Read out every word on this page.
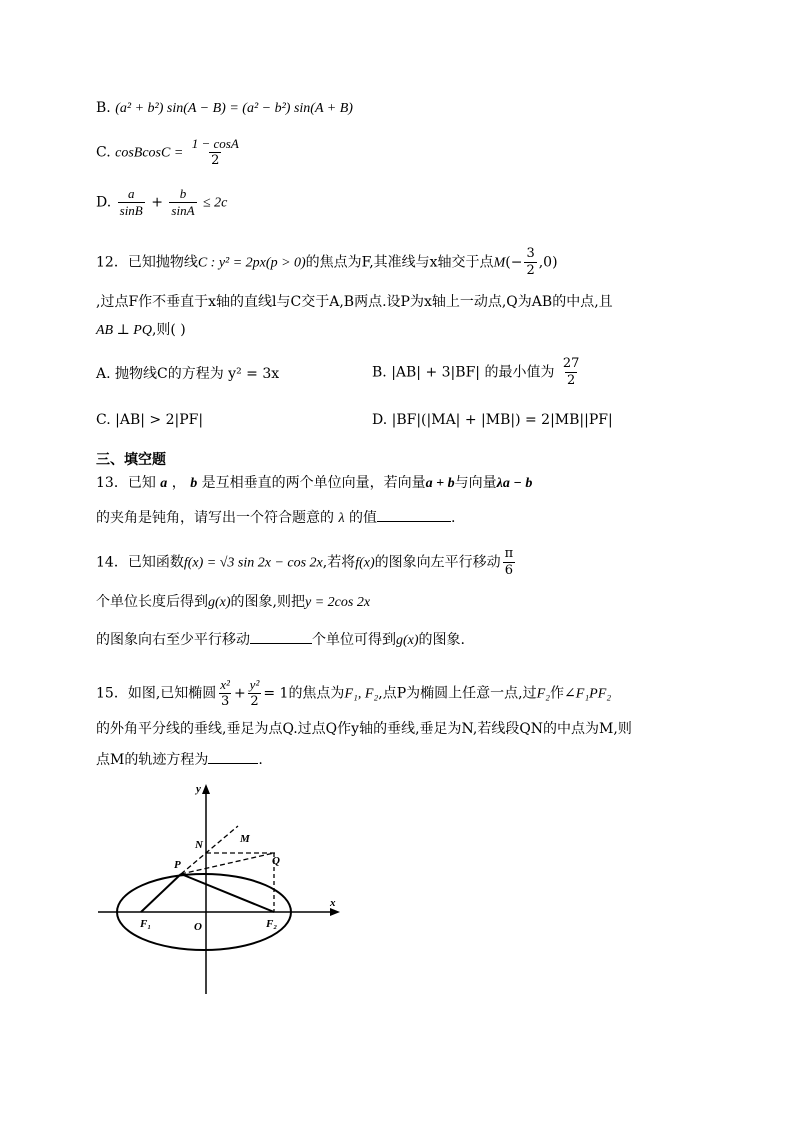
B. (a² + b²) sin(A − B) = (a² − b²) sin(A + B)
C. cosBcosC = $\frac{1 - \cos A}{2}$
D. $\frac{a}{\sin B} + \frac{b}{\sin A} \le 2c$
12．已知抛物线C : y² = 2px(p > 0)的焦点为F,其准线与x轴交于点$M(- \frac{3}{2} ,0)$
,过点F作不垂直于x轴的直线l与C交于A,B两点.设P为x轴上一动点,Q为AB的中点,且
AB ⊥ PQ,则( )
A. 抛物线C的方程为 y² = 3x	B. |AB| + 3|BF| 的最小值为 $\frac{27}{2}$
C. |AB| > 2|PF|	D. |BF|(|MA| + |MB|) = 2|MB||PF|
三、填空题
13．已知 a ， b 是互相垂直的两个单位向量，若向量a + b与向量λa − b
的夹角是钝角，请写出一个符合题意的 λ 的值	.
14．已知函数f(x) = √3 sin 2x − cos 2x,若将f(x)的图象向左平行移动 $\frac{\pi}{6}$
个单位长度后得到g(x)的图象,则把y = 2cos 2x
的图象向右至少平行移动	个单位可得到g(x)的图象.
15．如图,已知椭圆 $\frac{\text{x²}}{3} + \frac{\text{y²}}{2} = 1$的焦点为F₁, F₂,点P为椭圆上任意一点,过F₂作∠F₁PF₂
的外角平分线的垂线,垂足为点Q.过点Q作y轴的垂线,垂足为N,若线段QN的中点为M,则
点M的轨迹方程为	.
y
x
N	M
P	Q
F₁	O	F₂
